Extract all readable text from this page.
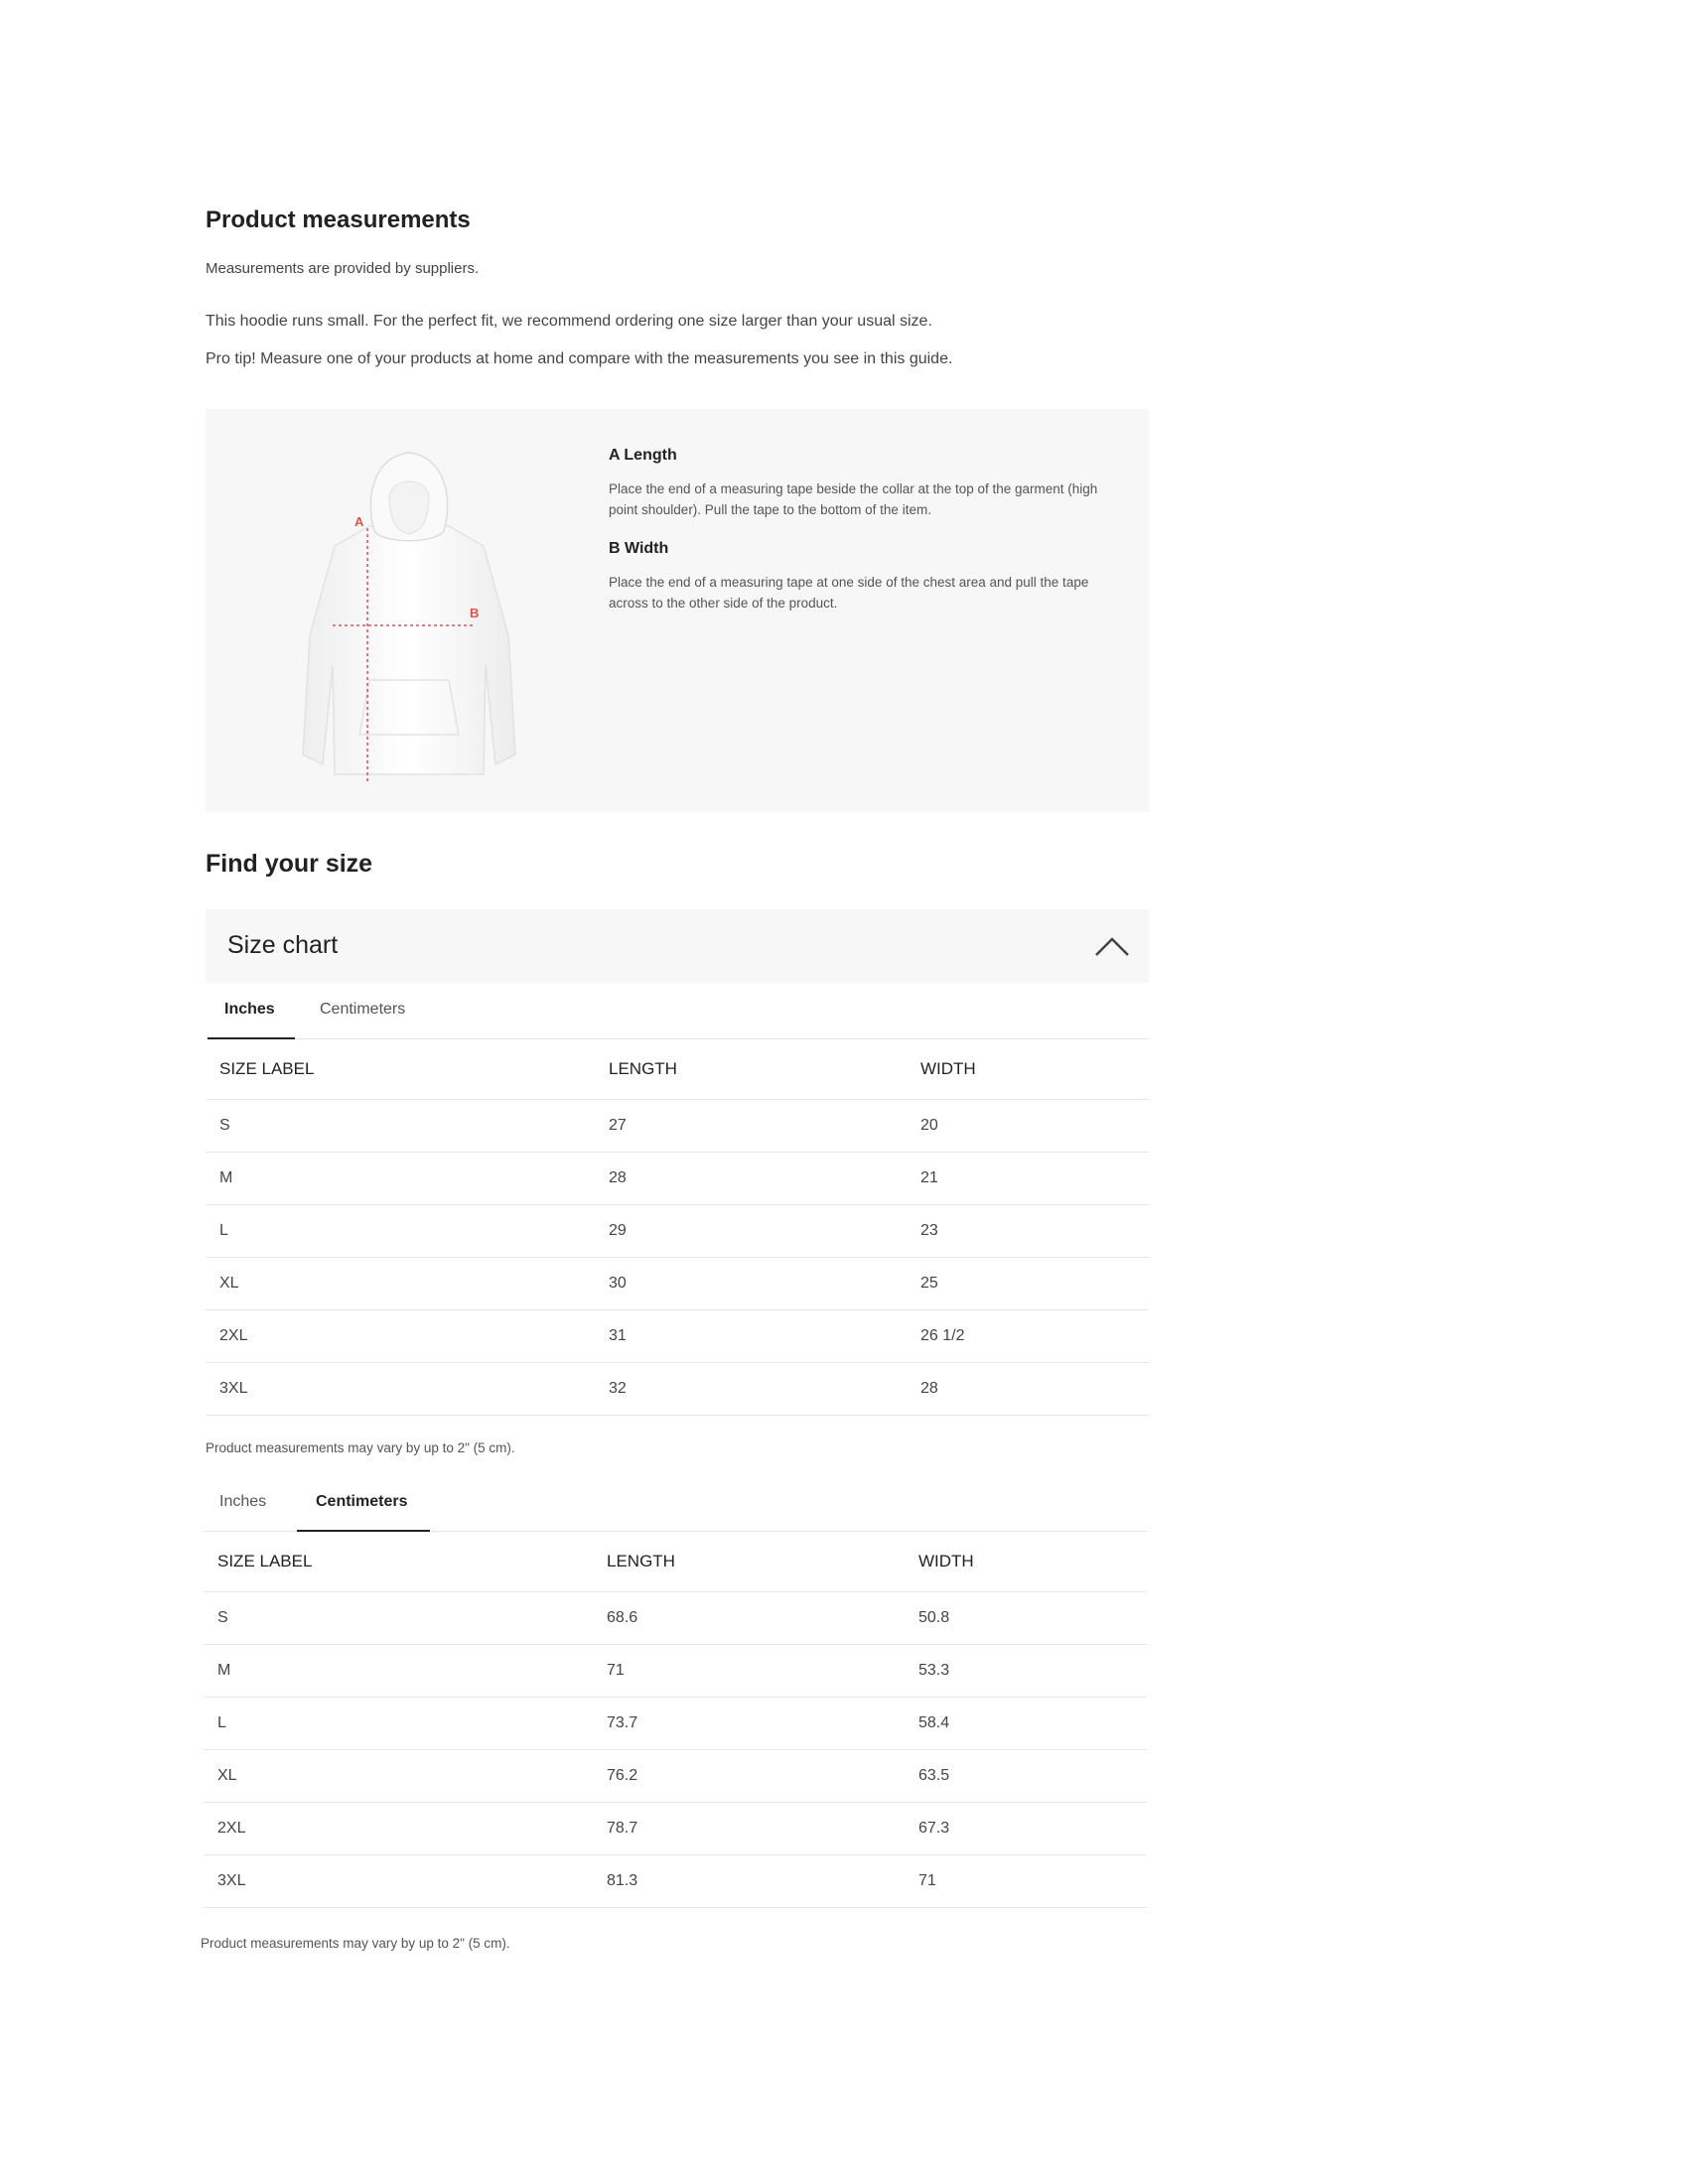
Product measurements

Measurements are provided by suppliers.

This hoodie runs small. For the perfect fit, we recommend ordering one size larger than your usual size.

Pro tip! Measure one of your products at home and compare with the measurements you see in this guide.

A
B
A Length

Place the end of a measuring tape beside the collar at the top of the garment (high point shoulder). Pull the tape to the bottom of the item.

B Width

Place the end of a measuring tape at one side of the chest area and pull the tape across to the other side of the product.

Find your size
Size chart
Inches	Centimeters
SIZE LABEL	LENGTH	WIDTH
S	27	20
M	28	21
L	29	23
XL	30	25
2XL	31	26 1/2
3XL	32	28

Product measurements may vary by up to 2" (5 cm).

Inches	Centimeters
SIZE LABEL	LENGTH	WIDTH
S	68.6	50.8
M	71	53.3
L	73.7	58.4
XL	76.2	63.5
2XL	78.7	67.3
3XL	81.3	71

Product measurements may vary by up to 2" (5 cm).
